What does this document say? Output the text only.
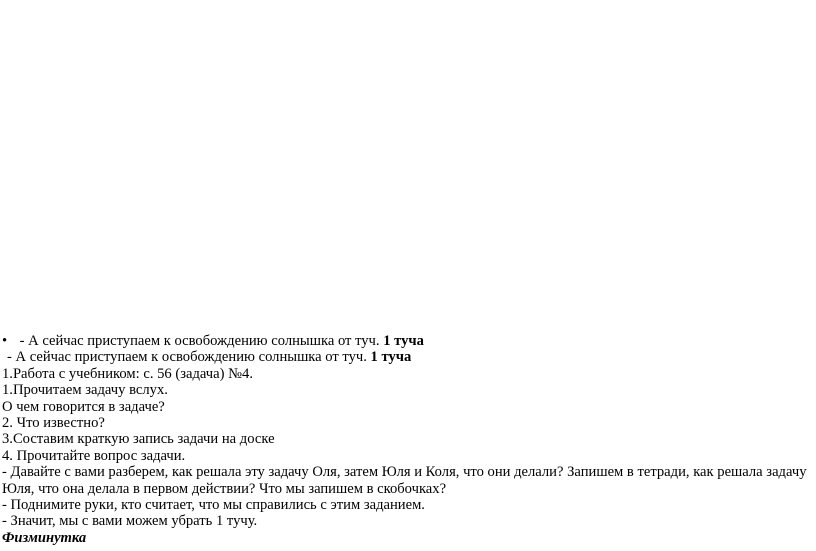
• - А сейчас приступаем к освобождению солнышка от туч. 1 туча
- А сейчас приступаем к освобождению солнышка от туч. 1 туча
1.Работа с учебником: с. 56 (задача) №4.
1.Прочитаем задачу вслух.
О чем говорится в задаче?
2. Что известно?
3.Составим краткую запись задачи на доске
4. Прочитайте вопрос задачи.
- Давайте с вами разберем, как решала эту задачу Оля, затем Юля и Коля, что они делали? Запишем в тетради, как решала задачу
Юля, что она делала в первом действии? Что мы запишем в скобочках?
- Поднимите руки, кто считает, что мы справились с этим заданием.
- Значит, мы с вами можем убрать 1 тучу.
Физминутка
